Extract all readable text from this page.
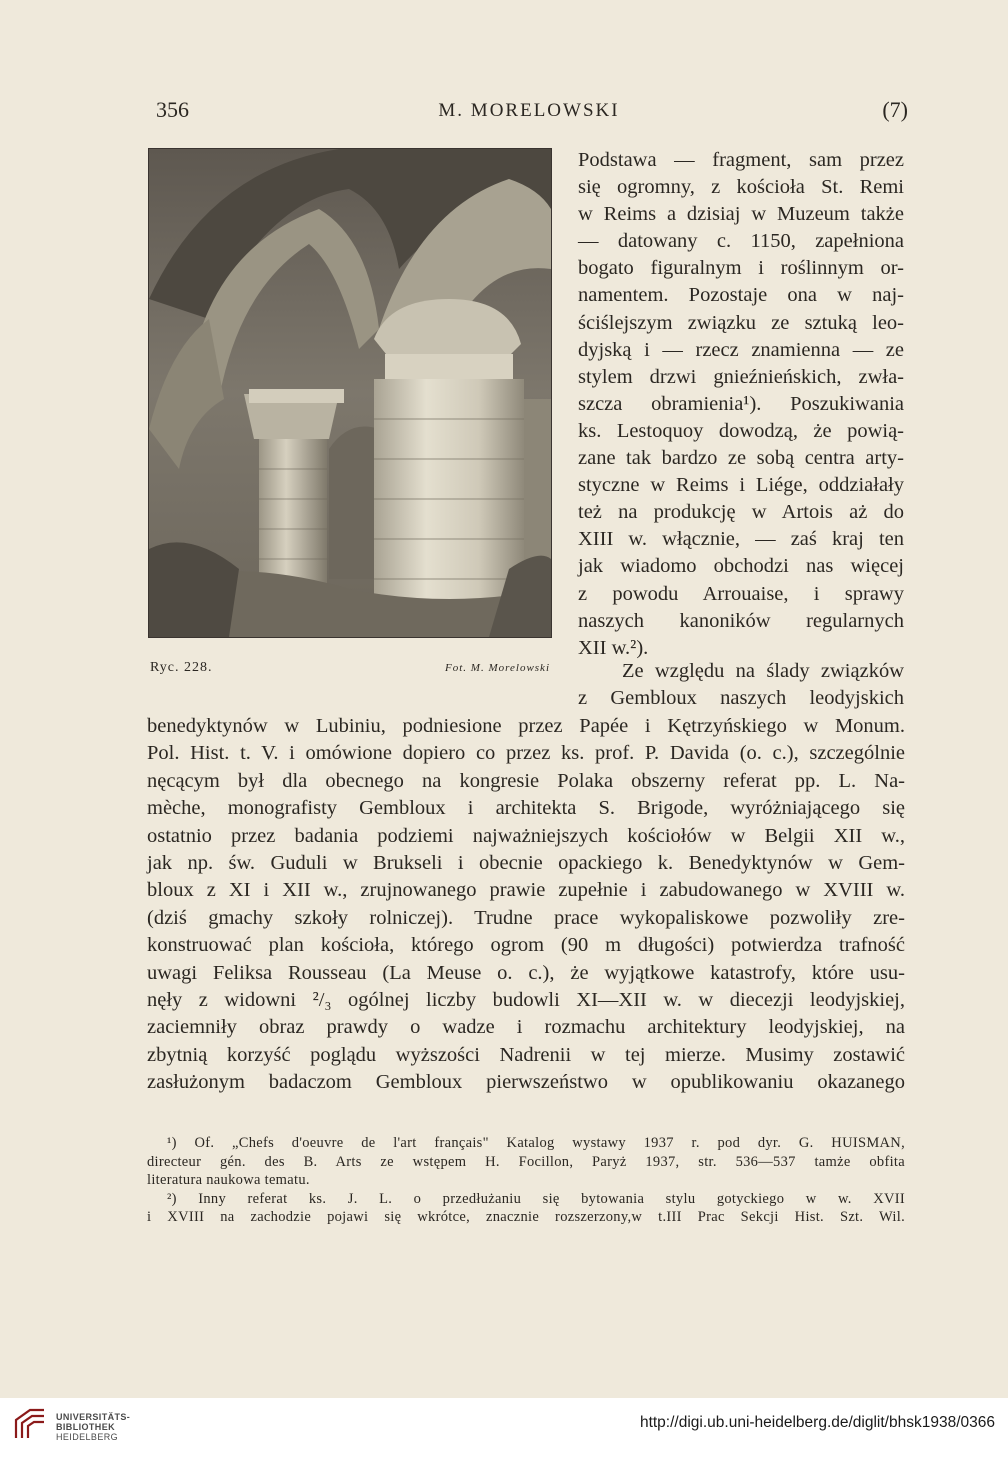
356	M. MORELOWSKI	(7)
Ryc. 228.	Fot. M. Morelowski
Podstawa — fragment, sam przez
się ogromny, z kościoła St. Remi
w Reims a dzisiaj w Muzeum także
— datowany c. 1150, zapełniona
bogato figuralnym i roślinnym or-
namentem. Pozostaje ona w naj-
ściślejszym związku ze sztuką leo-
dyjską i — rzecz znamienna — ze
stylem drzwi gnieźnieńskich, zwła-
szcza obramienia¹). Poszukiwania
ks. Lestoquoy dowodzą, że powią-
zane tak bardzo ze sobą centra arty-
styczne w Reims i Liége, oddziałały
też na produkcję w Artois aż do
XIII w. włącznie, — zaś kraj ten
jak wiadomo obchodzi nas więcej
z powodu Arrouaise, i sprawy
naszych kanoników regularnych
XII w.²).
Ze względu na ślady związków
z Gembloux naszych leodyjskich
benedyktynów w Lubiniu, podniesione przez Papée i Kętrzyńskiego w Monum.
Pol. Hist. t. V. i omówione dopiero co przez ks. prof. P. Davida (o. c.), szczególnie
nęcącym był dla obecnego na kongresie Polaka obszerny referat pp. L. Na-
mèche, monografisty Gembloux i architekta S. Brigode, wyróżniającego się
ostatnio przez badania podziemi najważniejszych kościołów w Belgii XII w.,
jak np. św. Guduli w Brukseli i obecnie opackiego k. Benedyktynów w Gem-
bloux z XI i XII w., zrujnowanego prawie zupełnie i zabudowanego w XVIII w.
(dziś gmachy szkoły rolniczej). Trudne prace wykopaliskowe pozwoliły zre-
konstruować plan kościoła, którego ogrom (90 m długości) potwierdza trafność
uwagi Feliksa Rousseau (La Meuse o. c.), że wyjątkowe katastrofy, które usu-
nęły z widowni ²/₃ ogólnej liczby budowli XI—XII w. w diecezji leodyjskiej,
zaciemniły obraz prawdy o wadze i rozmachu architektury leodyjskiej, na
zbytnią korzyść poglądu wyższości Nadrenii w tej mierze. Musimy zostawić
zasłużonym badaczom Gembloux pierwszeństwo w opublikowaniu okazanego
¹) Of. „Chefs d'oeuvre de l'art français" Katalog wystawy 1937 r. pod dyr. G. HUISMAN,
directeur gén. des B. Arts ze wstępem H. Focillon, Paryż 1937, str. 536—537 tamże obfita
literatura naukowa tematu.
²) Inny referat ks. J. L. o przedłużaniu się bytowania stylu gotyckiego w w. XVII
i XVIII na zachodzie pojawi się wkrótce, znacznie rozszerzony,w t.III Prac Sekcji Hist. Szt. Wil.
UNIVERSITÄTS-
BIBLIOTHEK
HEIDELBERG
http://digi.ub.uni-heidelberg.de/diglit/bhsk1938/0366
